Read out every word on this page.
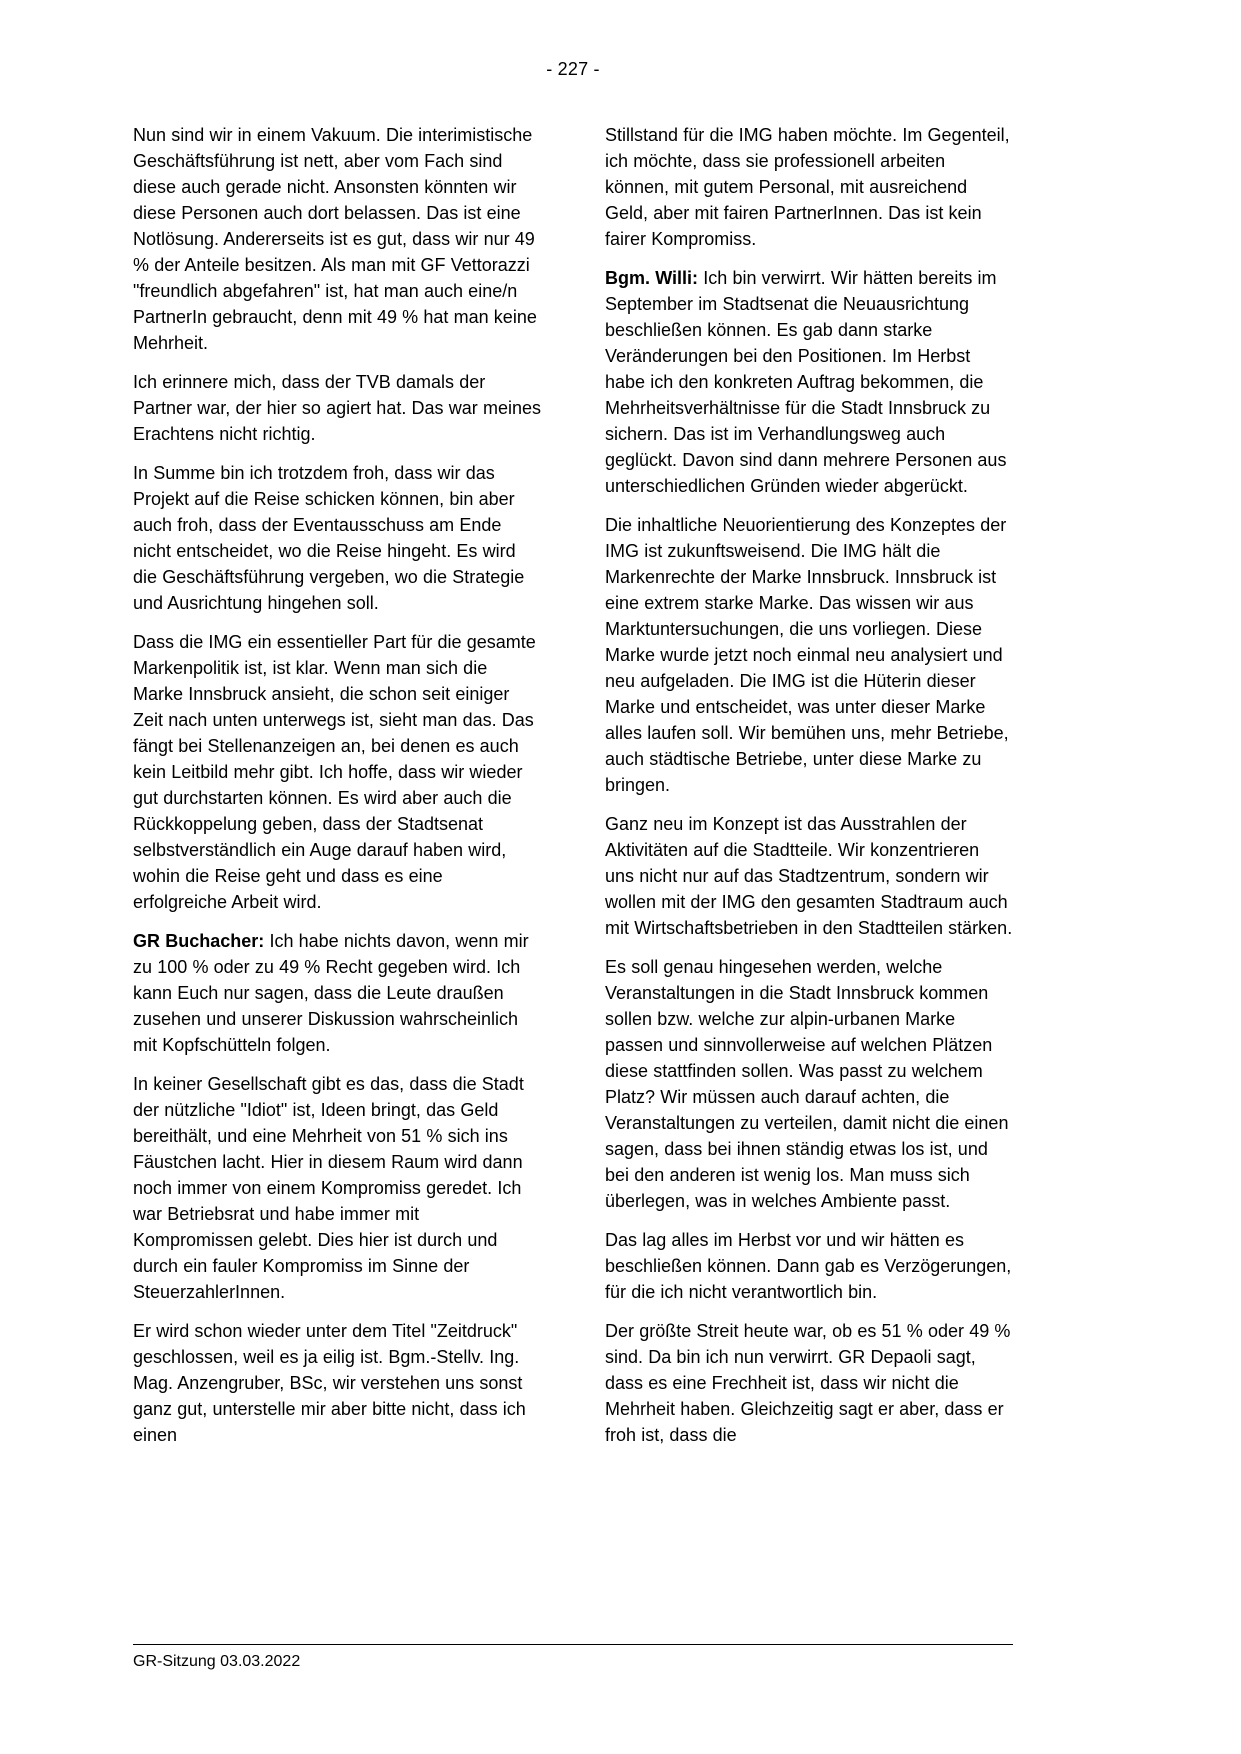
- 227 -

Nun sind wir in einem Vakuum. Die interimistische Geschäftsführung ist nett, aber vom Fach sind diese auch gerade nicht. Ansonsten könnten wir diese Personen auch dort belassen. Das ist eine Notlösung. Andererseits ist es gut, dass wir nur 49 % der Anteile besitzen. Als man mit GF Vettorazzi "freundlich abgefahren" ist, hat man auch eine/n PartnerIn gebraucht, denn mit 49 % hat man keine Mehrheit.

Ich erinnere mich, dass der TVB damals der Partner war, der hier so agiert hat. Das war meines Erachtens nicht richtig.

In Summe bin ich trotzdem froh, dass wir das Projekt auf die Reise schicken können, bin aber auch froh, dass der Eventausschuss am Ende nicht entscheidet, wo die Reise hingeht. Es wird die Geschäftsführung vergeben, wo die Strategie und Ausrichtung hingehen soll.

Dass die IMG ein essentieller Part für die gesamte Markenpolitik ist, ist klar. Wenn man sich die Marke Innsbruck ansieht, die schon seit einiger Zeit nach unten unterwegs ist, sieht man das. Das fängt bei Stellenanzeigen an, bei denen es auch kein Leitbild mehr gibt. Ich hoffe, dass wir wieder gut durchstarten können. Es wird aber auch die Rückkoppelung geben, dass der Stadtsenat selbstverständlich ein Auge darauf haben wird, wohin die Reise geht und dass es eine erfolgreiche Arbeit wird.

GR Buchacher: Ich habe nichts davon, wenn mir zu 100 % oder zu 49 % Recht gegeben wird. Ich kann Euch nur sagen, dass die Leute draußen zusehen und unserer Diskussion wahrscheinlich mit Kopfschütteln folgen.

In keiner Gesellschaft gibt es das, dass die Stadt der nützliche "Idiot" ist, Ideen bringt, das Geld bereithält, und eine Mehrheit von 51 % sich ins Fäustchen lacht. Hier in diesem Raum wird dann noch immer von einem Kompromiss geredet. Ich war Betriebsrat und habe immer mit Kompromissen gelebt. Dies hier ist durch und durch ein fauler Kompromiss im Sinne der SteuerzahlerInnen.

Er wird schon wieder unter dem Titel "Zeitdruck" geschlossen, weil es ja eilig ist. Bgm.-Stellv. Ing. Mag. Anzengruber, BSc, wir verstehen uns sonst ganz gut, unterstelle mir aber bitte nicht, dass ich einen

Stillstand für die IMG haben möchte. Im Gegenteil, ich möchte, dass sie professionell arbeiten können, mit gutem Personal, mit ausreichend Geld, aber mit fairen PartnerInnen. Das ist kein fairer Kompromiss.

Bgm. Willi: Ich bin verwirrt. Wir hätten bereits im September im Stadtsenat die Neuausrichtung beschließen können. Es gab dann starke Veränderungen bei den Positionen. Im Herbst habe ich den konkreten Auftrag bekommen, die Mehrheitsverhältnisse für die Stadt Innsbruck zu sichern. Das ist im Verhandlungsweg auch geglückt. Davon sind dann mehrere Personen aus unterschiedlichen Gründen wieder abgerückt.

Die inhaltliche Neuorientierung des Konzeptes der IMG ist zukunftsweisend. Die IMG hält die Markenrechte der Marke Innsbruck. Innsbruck ist eine extrem starke Marke. Das wissen wir aus Marktuntersuchungen, die uns vorliegen. Diese Marke wurde jetzt noch einmal neu analysiert und neu aufgeladen. Die IMG ist die Hüterin dieser Marke und entscheidet, was unter dieser Marke alles laufen soll. Wir bemühen uns, mehr Betriebe, auch städtische Betriebe, unter diese Marke zu bringen.

Ganz neu im Konzept ist das Ausstrahlen der Aktivitäten auf die Stadtteile. Wir konzentrieren uns nicht nur auf das Stadtzentrum, sondern wir wollen mit der IMG den gesamten Stadtraum auch mit Wirtschaftsbetrieben in den Stadtteilen stärken.

Es soll genau hingesehen werden, welche Veranstaltungen in die Stadt Innsbruck kommen sollen bzw. welche zur alpin-urbanen Marke passen und sinnvollerweise auf welchen Plätzen diese stattfinden sollen. Was passt zu welchem Platz? Wir müssen auch darauf achten, die Veranstaltungen zu verteilen, damit nicht die einen sagen, dass bei ihnen ständig etwas los ist, und bei den anderen ist wenig los. Man muss sich überlegen, was in welches Ambiente passt.

Das lag alles im Herbst vor und wir hätten es beschließen können. Dann gab es Verzögerungen, für die ich nicht verantwortlich bin.

Der größte Streit heute war, ob es 51 % oder 49 % sind. Da bin ich nun verwirrt. GR Depaoli sagt, dass es eine Frechheit ist, dass wir nicht die Mehrheit haben. Gleichzeitig sagt er aber, dass er froh ist, dass die

GR-Sitzung 03.03.2022
